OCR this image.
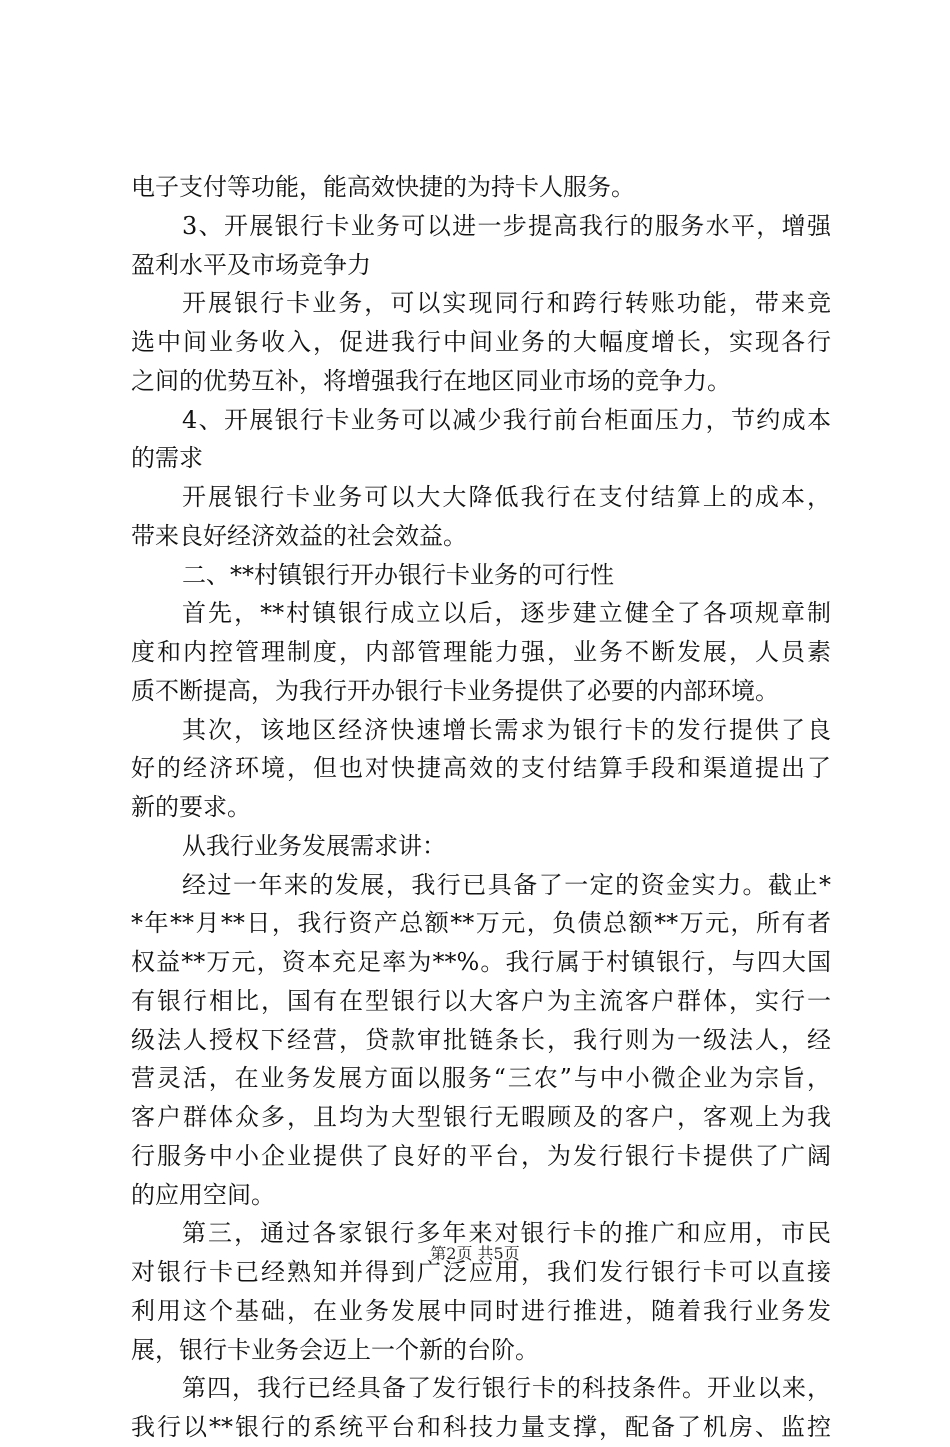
电子支付等功能，能高效快捷的为持卡人服务。
3、开展银行卡业务可以进一步提高我行的服务水平，增强
盈利水平及市场竞争力
开展银行卡业务，可以实现同行和跨行转账功能，带来竞
选中间业务收入，促进我行中间业务的大幅度增长，实现各行
之间的优势互补，将增强我行在地区同业市场的竞争力。
4、开展银行卡业务可以减少我行前台柜面压力，节约成本
的需求
开展银行卡业务可以大大降低我行在支付结算上的成本，
带来良好经济效益的社会效益。
二、**村镇银行开办银行卡业务的可行性
首先，**村镇银行成立以后，逐步建立健全了各项规章制
度和内控管理制度，内部管理能力强，业务不断发展，人员素
质不断提高，为我行开办银行卡业务提供了必要的内部环境。
其次，该地区经济快速增长需求为银行卡的发行提供了良
好的经济环境，但也对快捷高效的支付结算手段和渠道提出了
新的要求。
从我行业务发展需求讲：
经过一年来的发展，我行已具备了一定的资金实力。截止*
*年**月**日，我行资产总额**万元，负债总额**万元，所有者
权益**万元，资本充足率为**%。我行属于村镇银行，与四大国
有银行相比，国有在型银行以大客户为主流客户群体，实行一
级法人授权下经营，贷款审批链条长，我行则为一级法人，经
营灵活，在业务发展方面以服务“三农”与中小微企业为宗旨，
客户群体众多，且均为大型银行无暇顾及的客户，客观上为我
行服务中小企业提供了良好的平台，为发行银行卡提供了广阔
的应用空间。
第三，通过各家银行多年来对银行卡的推广和应用，市民
对银行卡已经熟知并得到广泛应用，我们发行银行卡可以直接
利用这个基础，在业务发展中同时进行推进，随着我行业务发
展，银行卡业务会迈上一个新的台阶。
第四，我行已经具备了发行银行卡的科技条件。开业以来，
我行以**银行的系统平台和科技力量支撑，配备了机房、监控
第2页 共5页
